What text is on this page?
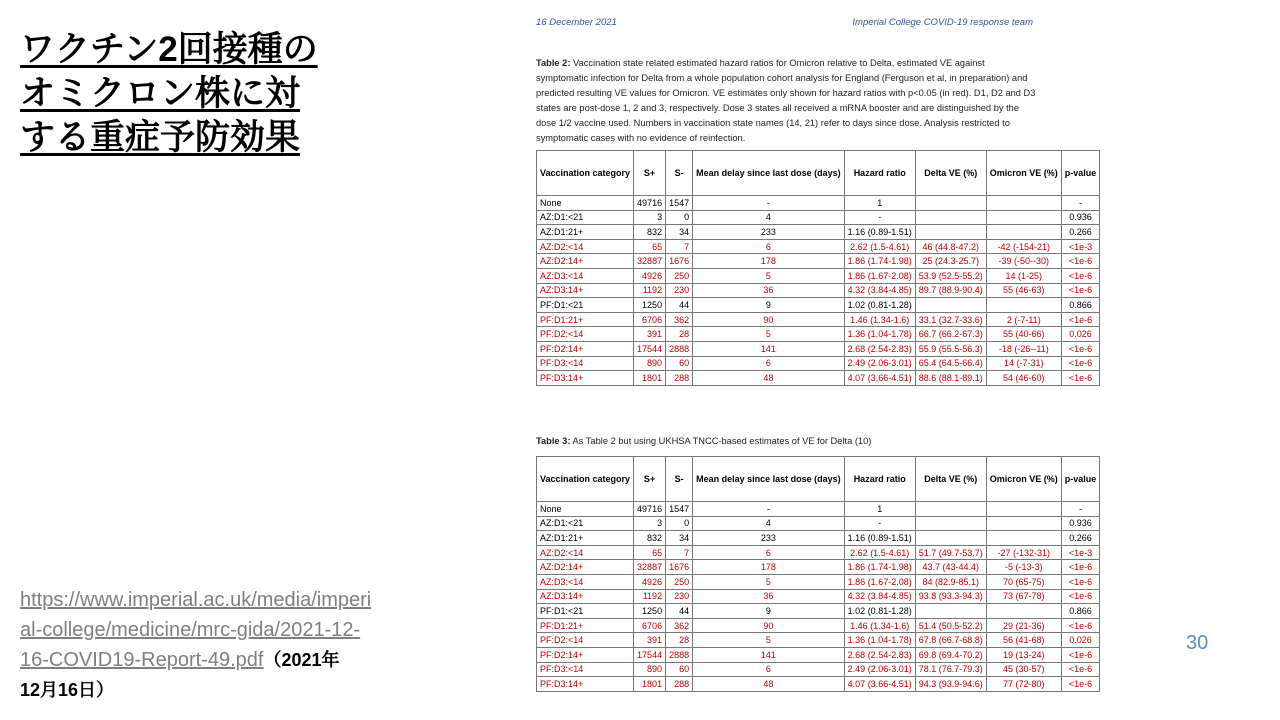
ワクチン2回接種の
オミクロン株に対
する重症予防効果
https://www.imperial.ac.uk/media/imperi
al-college/medicine/mrc-gida/2021-12-
16-COVID19-Report-49.pdf（2021年
12月16日）
30
16 December 2021	Imperial College COVID-19 response team
Table 2: Vaccination state related estimated hazard ratios for Omicron relative to Delta, estimated VE against symptomatic infection for Delta from a whole population cohort analysis for England (Ferguson et al, in preparation) and predicted resulting VE values for Omicron. VE estimates only shown for hazard ratios with p<0.05 (in red). D1, D2 and D3 states are post-dose 1, 2 and 3, respectively. Dose 3 states all received a mRNA booster and are distinguished by the dose 1/2 vaccine used. Numbers in vaccination state names (14, 21) refer to days since dose. Analysis restricted to symptomatic cases with no evidence of reinfection.
Vaccination category	S+	S-	Mean delay since last dose (days)	Hazard ratio	Delta VE (%)	Omicron VE (%)	p-value
None	49716	1547	-	1			-
AZ:D1:<21	3	0	4	-			0.936
AZ:D1:21+	832	34	233	1.16 (0.89-1.51)			0.266
AZ:D2:<14	65	7	6	2.62 (1.5-4.61)	46 (44.8-47.2)	-42 (-154-21)	<1e-3
AZ:D2:14+	32887	1676	178	1.86 (1.74-1.98)	25 (24.3-25.7)	-39 (-50--30)	<1e-6
AZ:D3:<14	4926	250	5	1.86 (1.67-2.08)	53.9 (52.5-55.2)	14 (1-25)	<1e-6
AZ:D3:14+	1192	230	36	4.32 (3.84-4.85)	89.7 (88.9-90.4)	55 (46-63)	<1e-6
PF:D1:<21	1250	44	9	1.02 (0.81-1.28)			0.866
PF:D1:21+	6706	362	90	1.46 (1.34-1.6)	33.1 (32.7-33.6)	2 (-7-11)	<1e-6
PF:D2:<14	391	28	5	1.36 (1.04-1.78)	66.7 (66.2-67.3)	55 (40-66)	0.026
PF:D2:14+	17544	2888	141	2.68 (2.54-2.83)	55.9 (55.5-56.3)	-18 (-26--11)	<1e-6
PF:D3:<14	890	60	6	2.49 (2.06-3.01)	65.4 (64.5-66.4)	14 (-7-31)	<1e-6
PF:D3:14+	1801	288	48	4.07 (3.66-4.51)	88.6 (88.1-89.1)	54 (46-60)	<1e-6
Table 3: As Table 2 but using UKHSA TNCC-based estimates of VE for Delta (10)
Vaccination category	S+	S-	Mean delay since last dose (days)	Hazard ratio	Delta VE (%)	Omicron VE (%)	p-value
None	49716	1547	-	1			-
AZ:D1:<21	3	0	4	-			0.936
AZ:D1:21+	832	34	233	1.16 (0.89-1.51)			0.266
AZ:D2:<14	65	7	6	2.62 (1.5-4.61)	51.7 (49.7-53.7)	-27 (-132-31)	<1e-3
AZ:D2:14+	32887	1676	178	1.86 (1.74-1.98)	43.7 (43-44.4)	-5 (-13-3)	<1e-6
AZ:D3:<14	4926	250	5	1.86 (1.67-2.08)	84 (82.9-85.1)	70 (65-75)	<1e-6
AZ:D3:14+	1192	230	36	4.32 (3.84-4.85)	93.8 (93.3-94.3)	73 (67-78)	<1e-6
PF:D1:<21	1250	44	9	1.02 (0.81-1.28)			0.866
PF:D1:21+	6706	362	90	1.46 (1.34-1.6)	51.4 (50.5-52.2)	29 (21-36)	<1e-6
PF:D2:<14	391	28	5	1.36 (1.04-1.78)	67.8 (66.7-68.8)	56 (41-68)	0.026
PF:D2:14+	17544	2888	141	2.68 (2.54-2.83)	69.8 (69.4-70.2)	19 (13-24)	<1e-6
PF:D3:<14	890	60	6	2.49 (2.06-3.01)	78.1 (76.7-79.3)	45 (30-57)	<1e-6
PF:D3:14+	1801	288	48	4.07 (3.66-4.51)	94.3 (93.9-94.6)	77 (72-80)	<1e-6
